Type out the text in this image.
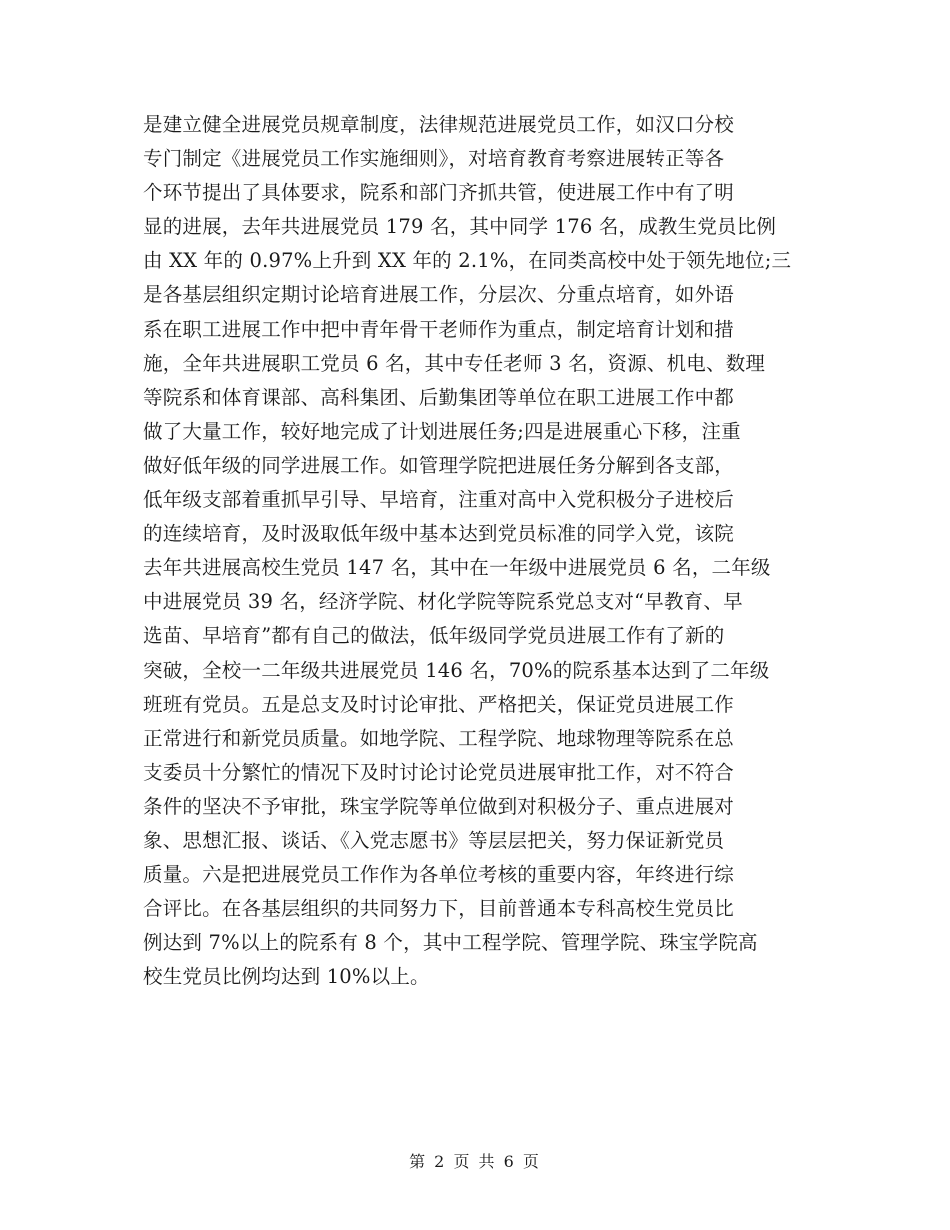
是建立健全进展党员规章制度，法律规范进展党员工作，如汉口分校
专门制定《进展党员工作实施细则》，对培育教育考察进展转正等各
个环节提出了具体要求，院系和部门齐抓共管，使进展工作中有了明
显的进展，去年共进展党员 179 名，其中同学 176 名，成教生党员比例
由 XX 年的 0.97%上升到 XX 年的 2.1%，在同类高校中处于领先地位;三
是各基层组织定期讨论培育进展工作，分层次、分重点培育，如外语
系在职工进展工作中把中青年骨干老师作为重点，制定培育计划和措
施，全年共进展职工党员 6 名，其中专任老师 3 名，资源、机电、数理
等院系和体育课部、高科集团、后勤集团等单位在职工进展工作中都
做了大量工作，较好地完成了计划进展任务;四是进展重心下移，注重
做好低年级的同学进展工作。如管理学院把进展任务分解到各支部，
低年级支部着重抓早引导、早培育，注重对高中入党积极分子进校后
的连续培育，及时汲取低年级中基本达到党员标准的同学入党，该院
去年共进展高校生党员 147 名，其中在一年级中进展党员 6 名，二年级
中进展党员 39 名，经济学院、材化学院等院系党总支对“早教育、早
选苗、早培育”都有自己的做法，低年级同学党员进展工作有了新的
突破，全校一二年级共进展党员 146 名，70%的院系基本达到了二年级
班班有党员。五是总支及时讨论审批、严格把关，保证党员进展工作
正常进行和新党员质量。如地学院、工程学院、地球物理等院系在总
支委员十分繁忙的情况下及时讨论讨论党员进展审批工作，对不符合
条件的坚决不予审批，珠宝学院等单位做到对积极分子、重点进展对
象、思想汇报、谈话、《入党志愿书》等层层把关，努力保证新党员
质量。六是把进展党员工作作为各单位考核的重要内容，年终进行综
合评比。在各基层组织的共同努力下，目前普通本专科高校生党员比
例达到 7%以上的院系有 8 个，其中工程学院、管理学院、珠宝学院高
校生党员比例均达到 10%以上。
第 2 页 共 6 页
